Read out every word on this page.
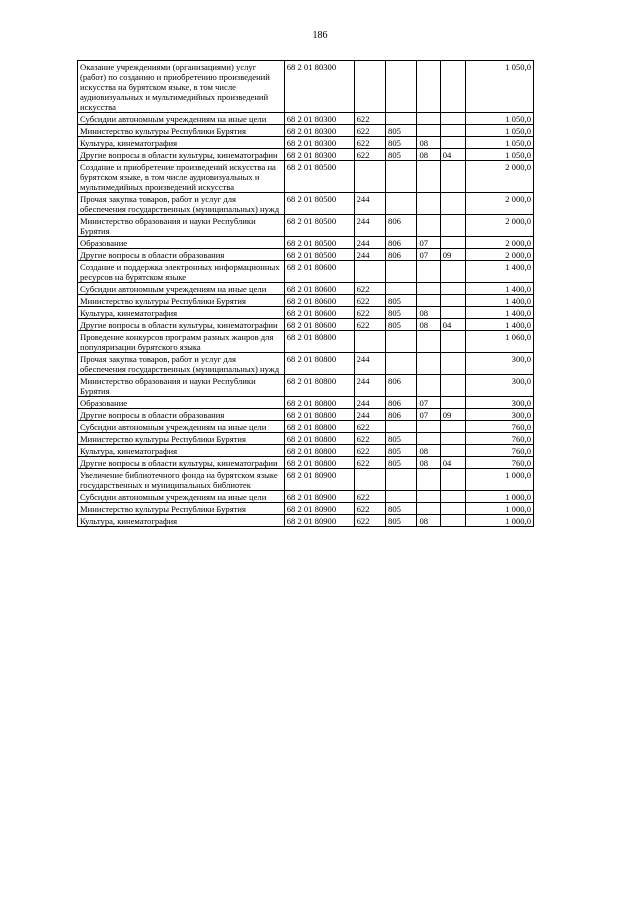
186
Оказание учреждениями (организациями) услуг (работ) по созданию и приобретению произведений искусства на бурятском языке, в том числе аудиовизуальных и мультимедийных произведений искусства	68 2 01 80300					1 050,0
Субсидии автономным учреждениям на иные цели	68 2 01 80300	622				1 050,0
Министерство культуры Республики Бурятия	68 2 01 80300	622	805			1 050,0
Культура, кинематография	68 2 01 80300	622	805	08		1 050,0
Другие вопросы в области культуры, кинематографии	68 2 01 80300	622	805	08	04	1 050,0
Создание и приобретение произведений искусства на бурятском языке, в том числе аудиовизуальных и мультимедийных произведений искусства	68 2 01 80500					2 000,0
Прочая закупка товаров, работ и услуг для обеспечения государственных (муниципальных) нужд	68 2 01 80500	244				2 000,0
Министерство образования и науки Республики Бурятия	68 2 01 80500	244	806			2 000,0
Образование	68 2 01 80500	244	806	07		2 000,0
Другие вопросы в области образования	68 2 01 80500	244	806	07	09	2 000,0
Создание и поддержка электронных информационных ресурсов на бурятском языке	68 2 01 80600					1 400,0
Субсидии автономным учреждениям на иные цели	68 2 01 80600	622				1 400,0
Министерство культуры Республики Бурятия	68 2 01 80600	622	805			1 400,0
Культура, кинематография	68 2 01 80600	622	805	08		1 400,0
Другие вопросы в области культуры, кинематографии	68 2 01 80600	622	805	08	04	1 400,0
Проведение конкурсов программ разных жанров для популяризации бурятского языка	68 2 01 80800					1 060,0
Прочая закупка товаров, работ и услуг для обеспечения государственных (муниципальных) нужд	68 2 01 80800	244				300,0
Министерство образования и науки Республики Бурятия	68 2 01 80800	244	806			300,0
Образование	68 2 01 80800	244	806	07		300,0
Другие вопросы в области образования	68 2 01 80800	244	806	07	09	300,0
Субсидии автономным учреждениям на иные цели	68 2 01 80800	622				760,0
Министерство культуры Республики Бурятия	68 2 01 80800	622	805			760,0
Культура, кинематография	68 2 01 80800	622	805	08		760,0
Другие вопросы в области культуры, кинематографии	68 2 01 80800	622	805	08	04	760,0
Увеличение библиотечного фонда на бурятском языке государственных и муниципальных библиотек	68 2 01 80900					1 000,0
Субсидии автономным учреждениям на иные цели	68 2 01 80900	622				1 000,0
Министерство культуры Республики Бурятия	68 2 01 80900	622	805			1 000,0
Культура, кинематография	68 2 01 80900	622	805	08		1 000,0
